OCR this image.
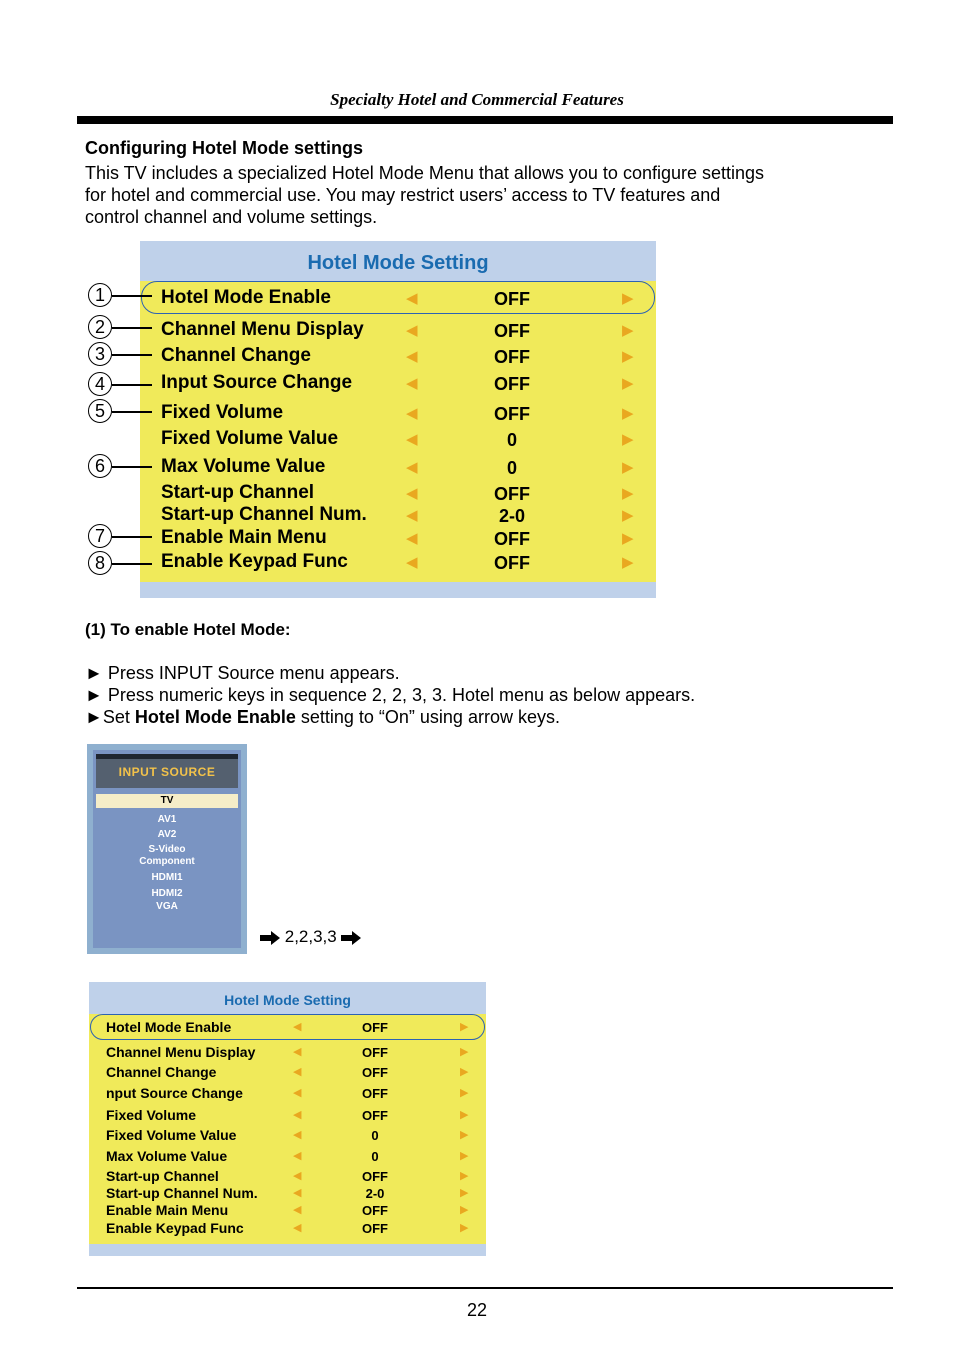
Specialty Hotel and Commercial Features
Configuring Hotel Mode settings
This TV includes a specialized Hotel Mode Menu that allows you to configure settings for hotel and commercial use. You may restrict users’ access to TV features and control channel and volume settings.
Hotel Mode Setting
Hotel Mode Enable	◀	OFF	▶
Channel Menu Display	◀	OFF	▶
Channel Change	◀	OFF	▶
Input Source Change	◀	OFF	▶
Fixed Volume	◀	OFF	▶
Fixed Volume Value	◀	0	▶
Max Volume Value	◀	0	▶
Start-up Channel	◀	OFF	▶
Start-up Channel Num.	◀	2-0	▶
Enable Main Menu	◀	OFF	▶
Enable Keypad Func	◀	OFF	▶
1
2
3
4
5
6
7
8
(1) To enable Hotel Mode:
► Press INPUT Source menu appears.
► Press numeric keys in sequence 2, 2, 3, 3. Hotel menu as below appears.
►Set Hotel Mode Enable setting to “On” using arrow keys.
INPUT SOURCE
TV
AV1
AV2
S-Video
Component
HDMI1
HDMI2
VGA
2,2,3,3
Hotel Mode Setting
Hotel Mode Enable	◀	OFF	▶
Channel Menu Display	◀	OFF	▶
Channel Change	◀	OFF	▶
nput Source Change	◀	OFF	▶
Fixed Volume	◀	OFF	▶
Fixed Volume Value	◀	0	▶
Max Volume Value	◀	0	▶
Start-up Channel	◀	OFF	▶
Start-up Channel Num.	◀	2-0	▶
Enable Main Menu	◀	OFF	▶
Enable Keypad Func	◀	OFF	▶
22
